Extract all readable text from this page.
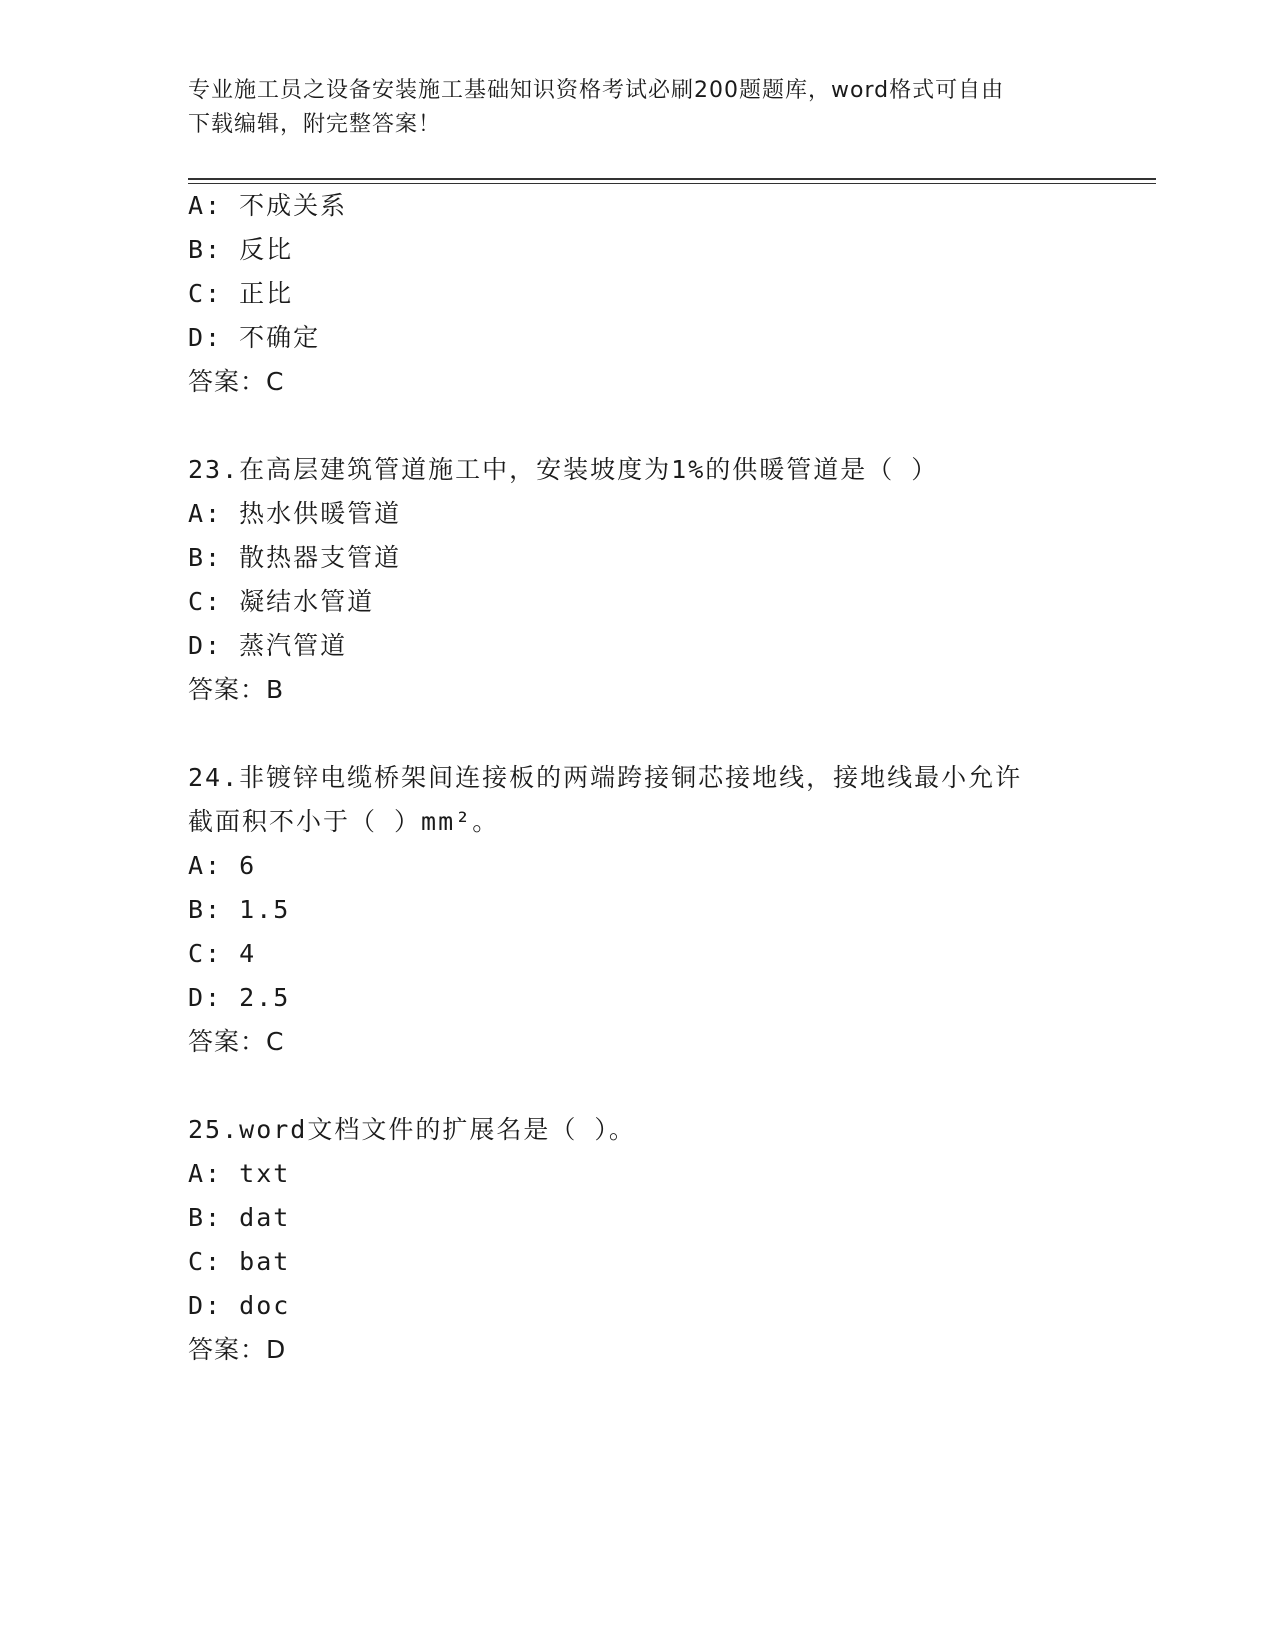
专业施工员之设备安装施工基础知识资格考试必刷200题题库，word格式可自由
下载编辑，附完整答案！
A: 不成关系
B: 反比
C: 正比
D: 不确定
答案：C
23.在高层建筑管道施工中，安装坡度为1%的供暖管道是（ ）
A: 热水供暖管道
B: 散热器支管道
C: 凝结水管道
D: 蒸汽管道
答案：B
24.非镀锌电缆桥架间连接板的两端跨接铜芯接地线，接地线最小允许
截面积不小于（ ）mm²。
A: 6
B: 1.5
C: 4
D: 2.5
答案：C
25.word文档文件的扩展名是（ ）。
A: txt
B: dat
C: bat
D: doc
答案：D
